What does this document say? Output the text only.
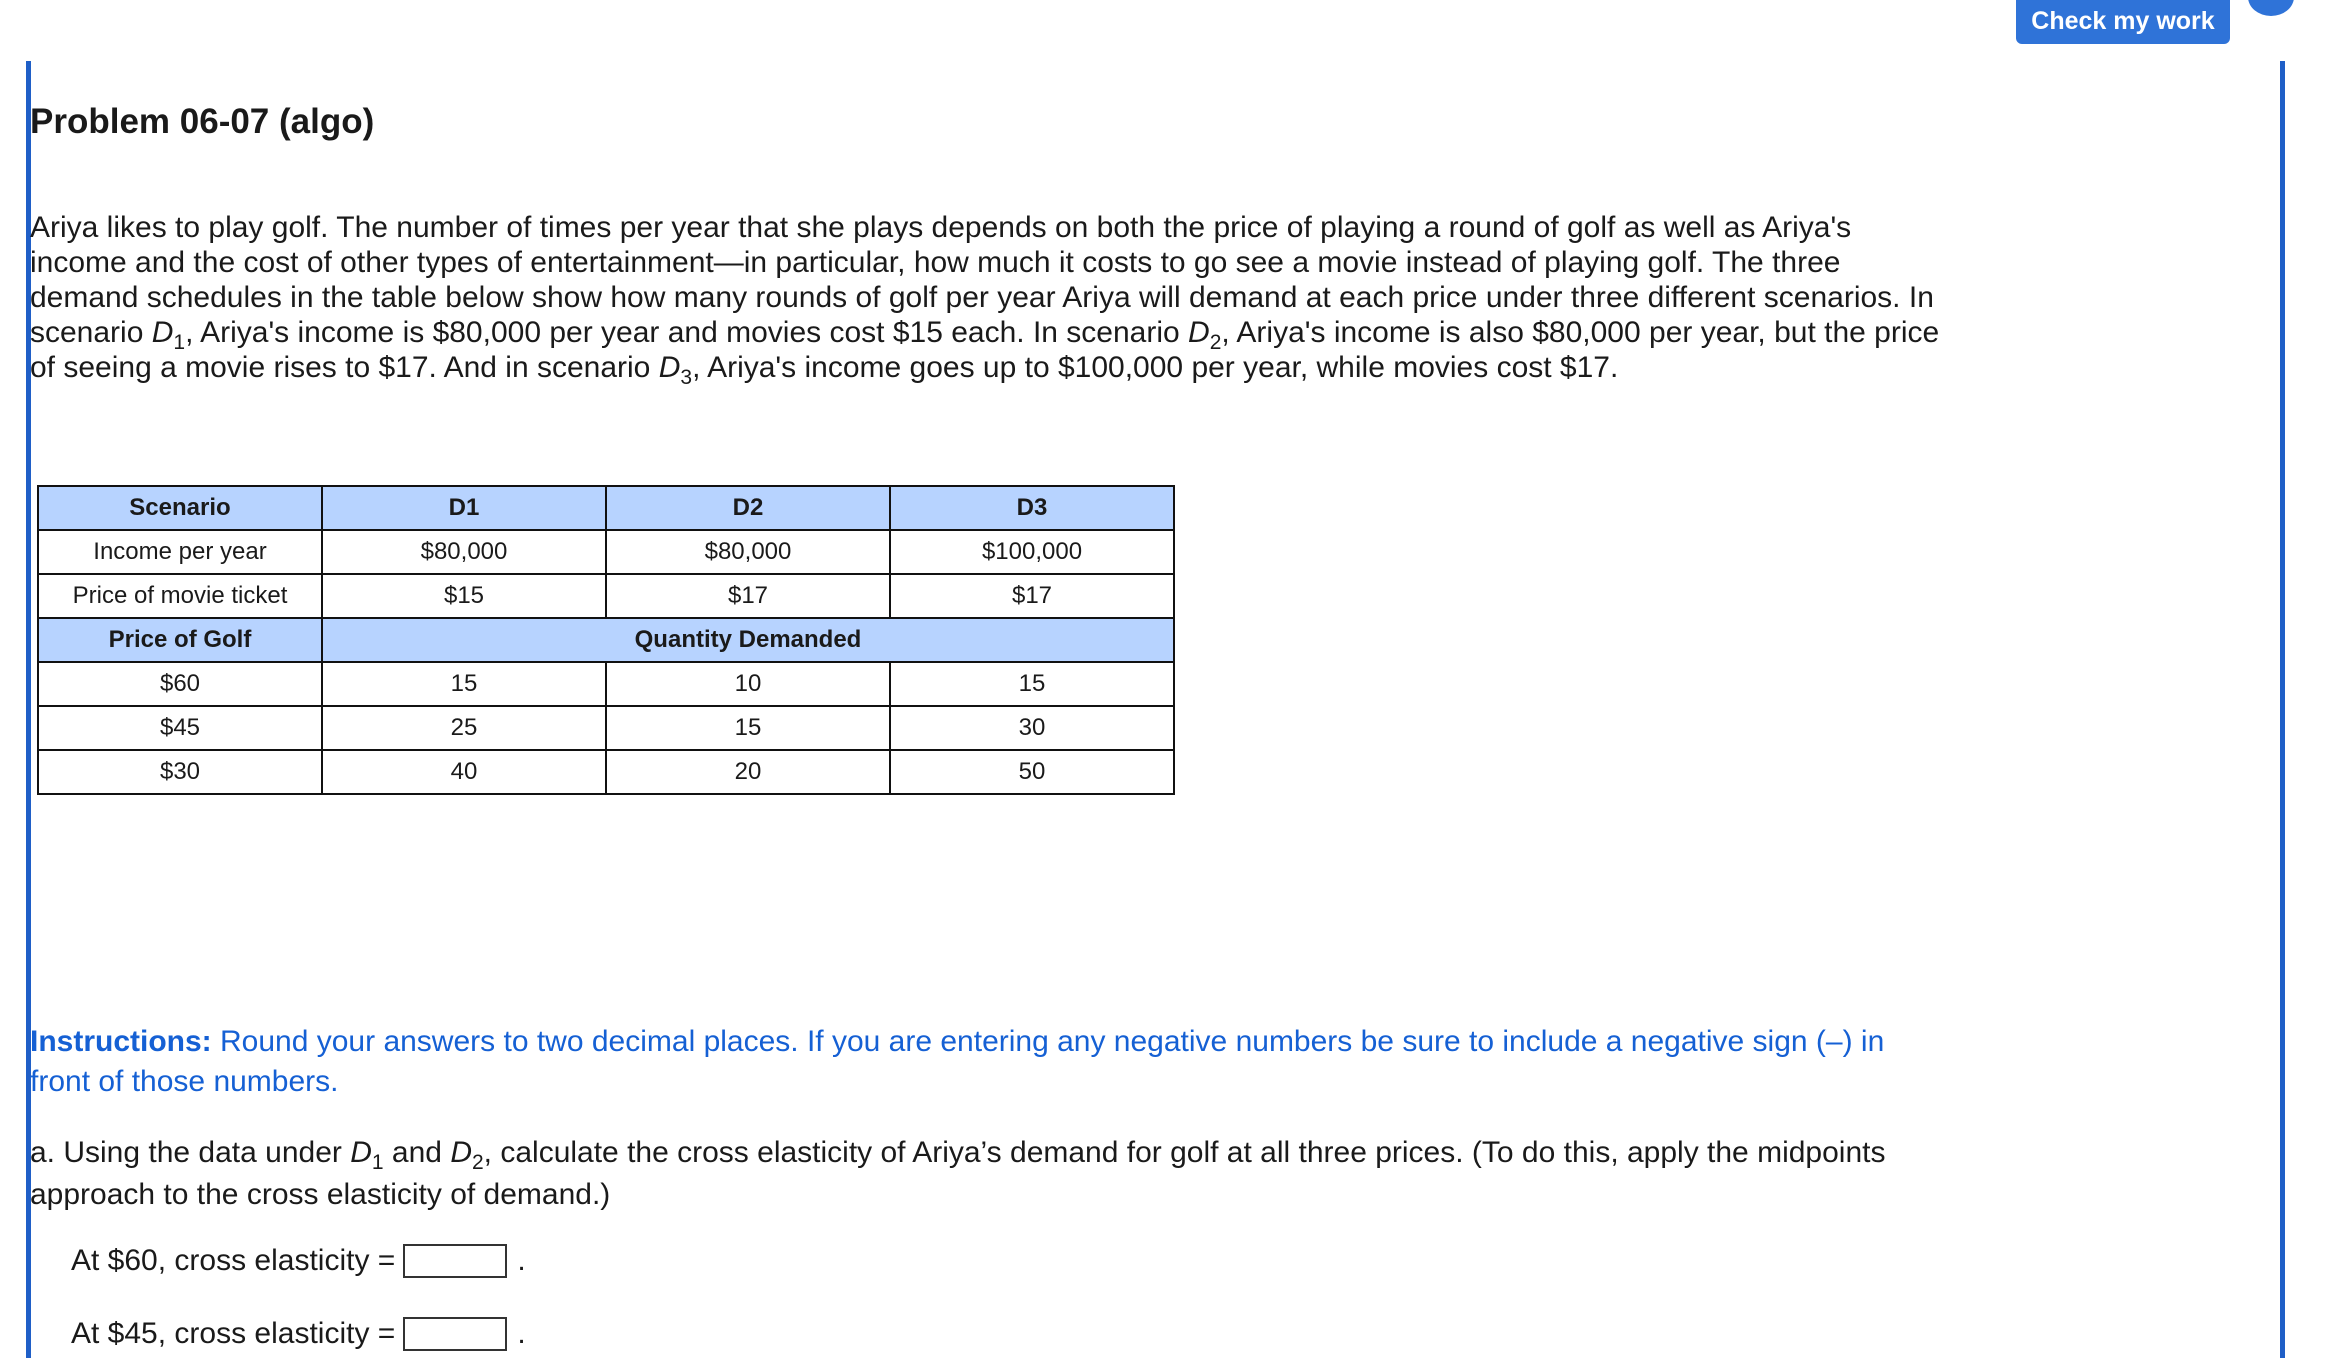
Check my work
Problem 06-07 (algo)

Ariya likes to play golf. The number of times per year that she plays depends on both the price of playing a round of golf as well as Ariya's income and the cost of other types of entertainment—in particular, how much it costs to go see a movie instead of playing golf. The three demand schedules in the table below show how many rounds of golf per year Ariya will demand at each price under three different scenarios. In scenario $D_1$, Ariya's income is $80,000 per year and movies cost $15 each. In scenario $D_2$, Ariya's income is also $80,000 per year, but the price of seeing a movie rises to $17. And in scenario $D_3$, Ariya's income goes up to $100,000 per year, while movies cost $17.

Scenario	D1	D2	D3
Income per year	$80,000	$80,000	$100,000
Price of movie ticket	$15	$17	$17
Price of Golf	Quantity Demanded		
$60	15	10	15
$45	25	15	30
$30	40	20	50

Instructions: Round your answers to two decimal places. If you are entering any negative numbers be sure to include a negative sign (–) in front of those numbers.

a. Using the data under $D_1$ and $D_2$, calculate the cross elasticity of Ariya’s demand for golf at all three prices. (To do this, apply the midpoints approach to the cross elasticity of demand.)

At $60, cross elasticity =	.
At $45, cross elasticity =	.
